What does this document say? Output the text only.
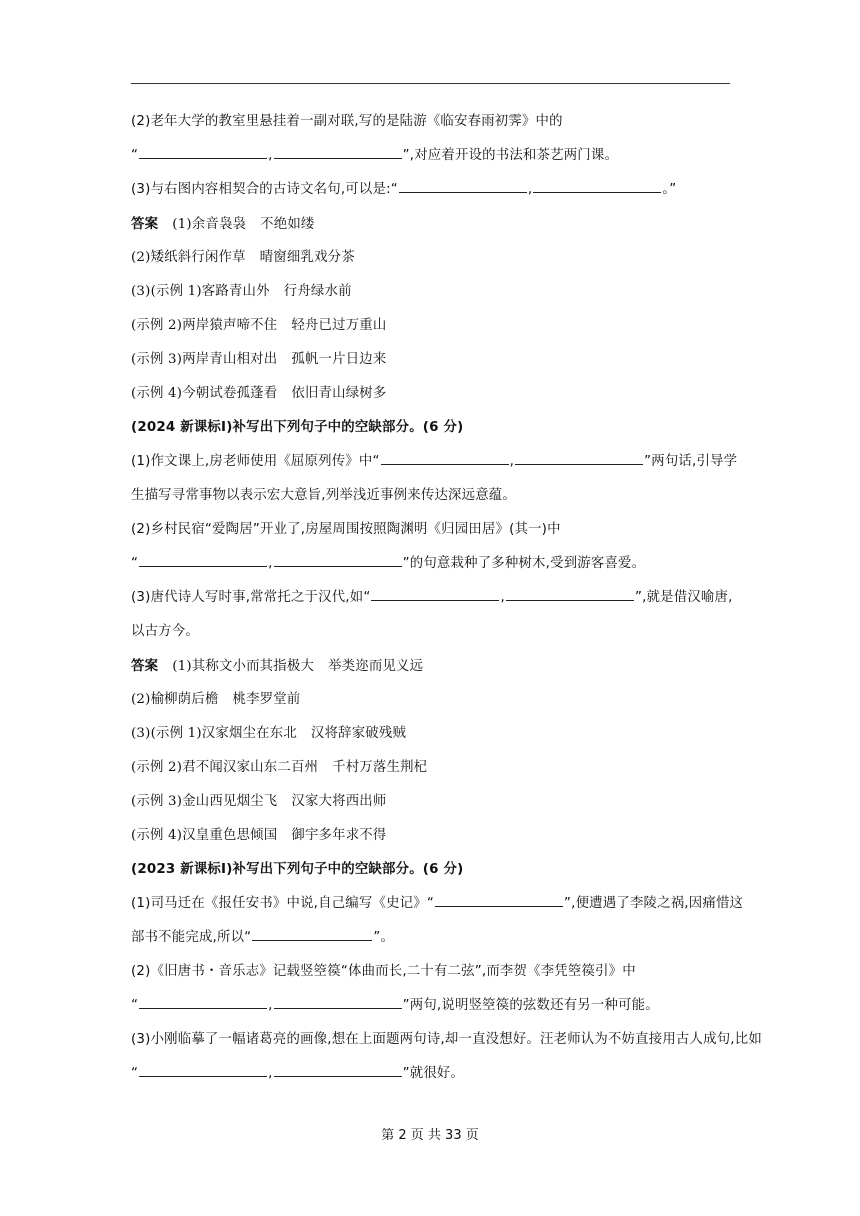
(2)老年大学的教室里悬挂着一副对联,写的是陆游《临安春雨初霁》中的
“	,	”,对应着开设的书法和茶艺两门课。
(3)与右图内容相契合的古诗文名句,可以是:“	,	。”
答案 (1)余音袅袅 不绝如缕
(2)矮纸斜行闲作草 晴窗细乳戏分茶
(3)(示例 1)客路青山外 行舟绿水前
(示例 2)两岸猿声啼不住 轻舟已过万重山
(示例 3)两岸青山相对出 孤帆一片日边来
(示例 4)今朝试卷孤蓬看 依旧青山绿树多
(2024 新课标Ⅰ)补写出下列句子中的空缺部分。(6 分)
(1)作文课上,房老师使用《屈原列传》中“	,	”两句话,引导学
生描写寻常事物以表示宏大意旨,列举浅近事例来传达深远意蕴。
(2)乡村民宿“爱陶居”开业了,房屋周围按照陶渊明《归园田居》(其一)中
“	,	”的句意栽种了多种树木,受到游客喜爱。
(3)唐代诗人写时事,常常托之于汉代,如“	,	”,就是借汉喻唐,
以古方今。
答案 (1)其称文小而其指极大 举类迩而见义远
(2)榆柳荫后檐 桃李罗堂前
(3)(示例 1)汉家烟尘在东北 汉将辞家破残贼
(示例 2)君不闻汉家山东二百州 千村万落生荆杞
(示例 3)金山西见烟尘飞 汉家大将西出师
(示例 4)汉皇重色思倾国 御宇多年求不得
(2023 新课标Ⅰ)补写出下列句子中的空缺部分。(6 分)
(1)司马迁在《报任安书》中说,自己编写《史记》“	”,便遭遇了李陵之祸,因痛惜这
部书不能完成,所以“	”。
(2)《旧唐书・音乐志》记载竖箜篌“体曲而长,二十有二弦”,而李贺《李凭箜篌引》中
“	,	”两句,说明竖箜篌的弦数还有另一种可能。
(3)小刚临摹了一幅诸葛亮的画像,想在上面题两句诗,却一直没想好。汪老师认为不妨直接用古人成句,比如
“	,	”就很好。
第 2 页 共 33 页
